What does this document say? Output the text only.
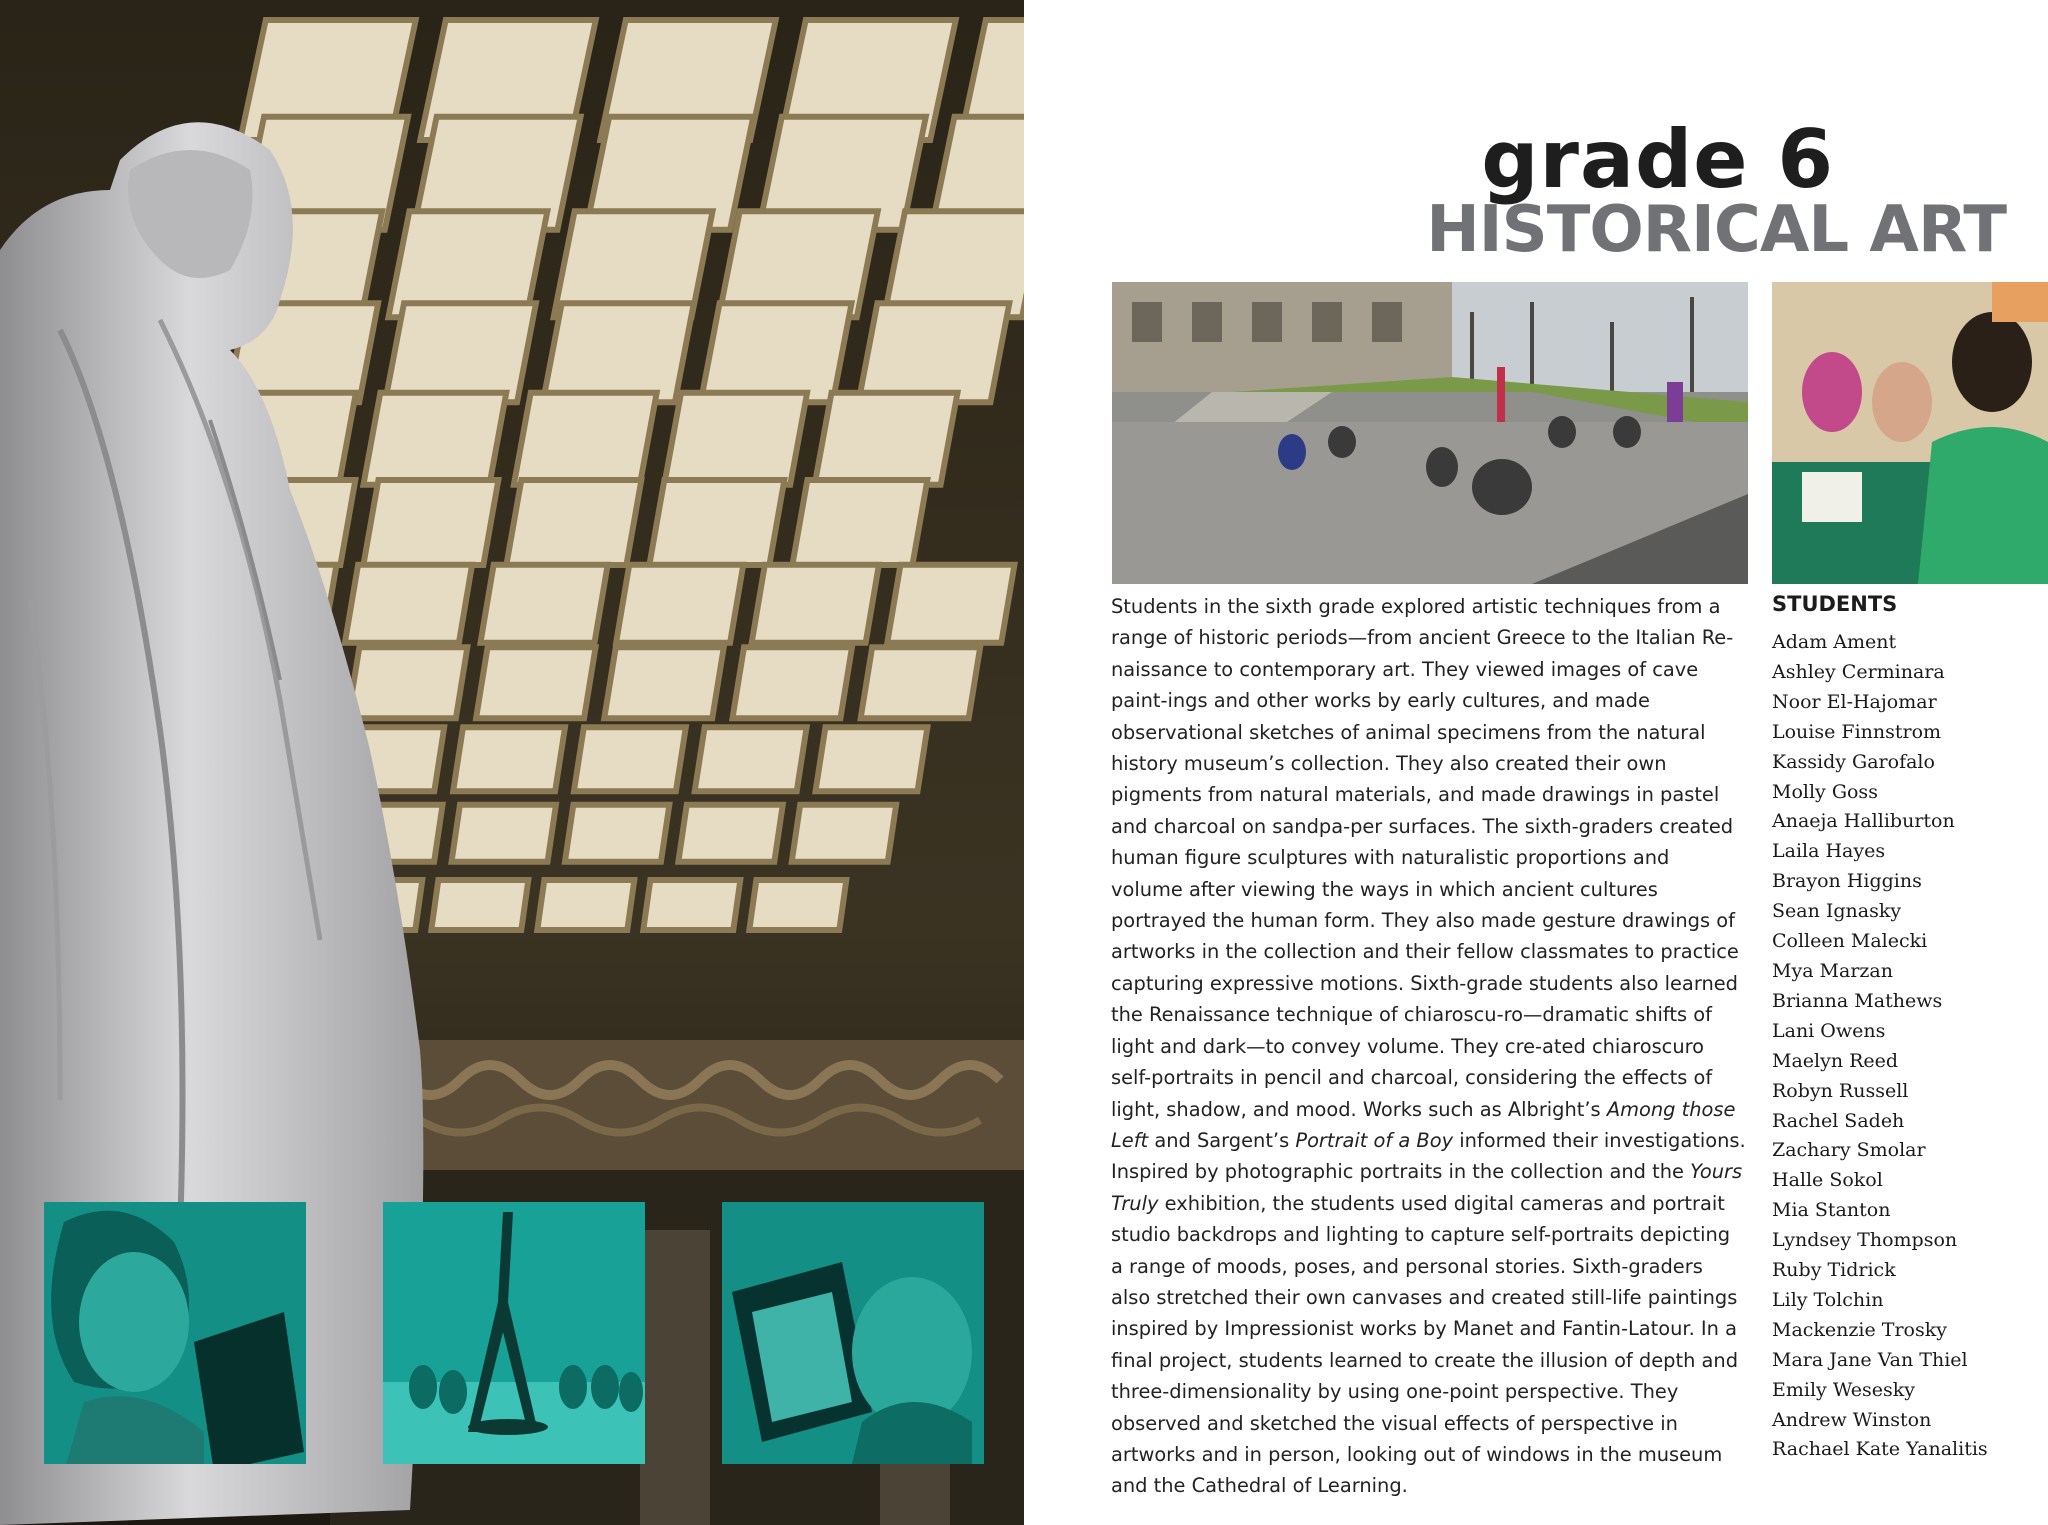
grade 6
HISTORICAL ART

Students in the sixth grade explored artistic techniques from a range of historic periods—from ancient Greece to the Italian Re-naissance to contemporary art. They viewed images of cave paint-ings and other works by early cultures, and made observational sketches of animal specimens from the natural history museum’s collection. They also created their own pigments from natural materials, and made drawings in pastel and charcoal on sandpa-per surfaces. The sixth-graders created human figure sculptures with naturalistic proportions and volume after viewing the ways in which ancient cultures portrayed the human form. They also made gesture drawings of artworks in the collection and their fellow classmates to practice capturing expressive motions. Sixth-grade students also learned the Renaissance technique of chiaroscu-ro—dramatic shifts of light and dark—to convey volume. They cre-ated chiaroscuro self-portraits in pencil and charcoal, considering the effects of light, shadow, and mood. Works such as Albright’s Among those Left and Sargent’s Portrait of a Boy informed their investigations. Inspired by photographic portraits in the collection and the Yours Truly exhibition, the students used digital cameras and portrait studio backdrops and lighting to capture self-portraits depicting a range of moods, poses, and personal stories. Sixth-graders also stretched their own canvases and created still-life paintings inspired by Impressionist works by Manet and Fantin-Latour. In a final project, students learned to create the illusion of depth and three-dimensionality by using one-point perspective. They observed and sketched the visual effects of perspective in artworks and in person, looking out of windows in the museum and the Cathedral of Learning.

STUDENTS
Adam Ament
Ashley Cerminara
Noor El-Hajomar
Louise Finnstrom
Kassidy Garofalo
Molly Goss
Anaeja Halliburton
Laila Hayes
Brayon Higgins
Sean Ignasky
Colleen Malecki
Mya Marzan
Brianna Mathews
Lani Owens
Maelyn Reed
Robyn Russell
Rachel Sadeh
Zachary Smolar
Halle Sokol
Mia Stanton
Lyndsey Thompson
Ruby Tidrick
Lily Tolchin
Mackenzie Trosky
Mara Jane Van Thiel
Emily Wesesky
Andrew Winston
Rachael Kate Yanalitis
